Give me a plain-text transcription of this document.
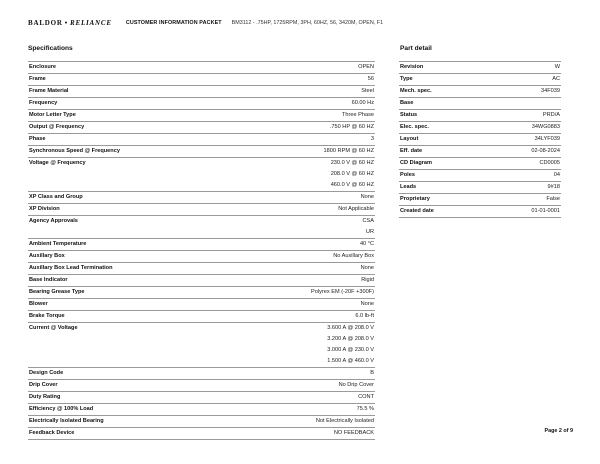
BALDOR • RELIANCE	CUSTOMER INFORMATION PACKET BM3112 - .75HP, 1725RPM, 3PH, 60HZ, 56, 3420M, OPEN, F1
Specifications	Part detail
Enclosure	OPEN
Frame	56
Frame Material	Steel
Frequency	60.00 Hz
Motor Letter Type	Three Phase
Output @ Frequency	.750 HP @ 60 HZ
Phase	3
Synchronous Speed @ Frequency	1800 RPM @ 60 HZ
Voltage @ Frequency	230.0 V @ 60 HZ
	208.0 V @ 60 HZ
	460.0 V @ 60 HZ
XP Class and Group	None
XP Division	Not Applicable
Agency Approvals	CSA
	UR
Ambient Temperature	40 °C
Auxillary Box	No Auxillary Box
Auxillary Box Lead Termination	None
Base Indicator	Rigid
Bearing Grease Type	Polyrex EM (-20F +300F)
Blower	None
Brake Torque	6.0 lb-ft
Current @ Voltage	3.600 A @ 208.0 V
	3.200 A @ 208.0 V
	3.000 A @ 230.0 V
	1.500 A @ 460.0 V
Design Code	B
Drip Cover	No Drip Cover
Duty Rating	CONT
Efficiency @ 100% Load	75.5 %
Electrically Isolated Bearing	Not Electrically Isolated
Feedback Device	NO FEEDBACK
Revision	W
Type	AC
Mech. spec.	34F039
Base	
Status	PRD/A
Elec. spec.	34WG0883
Layout	34LYF039
Eff. date	02-08-2024
CD Diagram	CD0005
Poles	04
Leads	9#18
Proprietary	False
Created date	01-01-0001
Page 2 of 9
